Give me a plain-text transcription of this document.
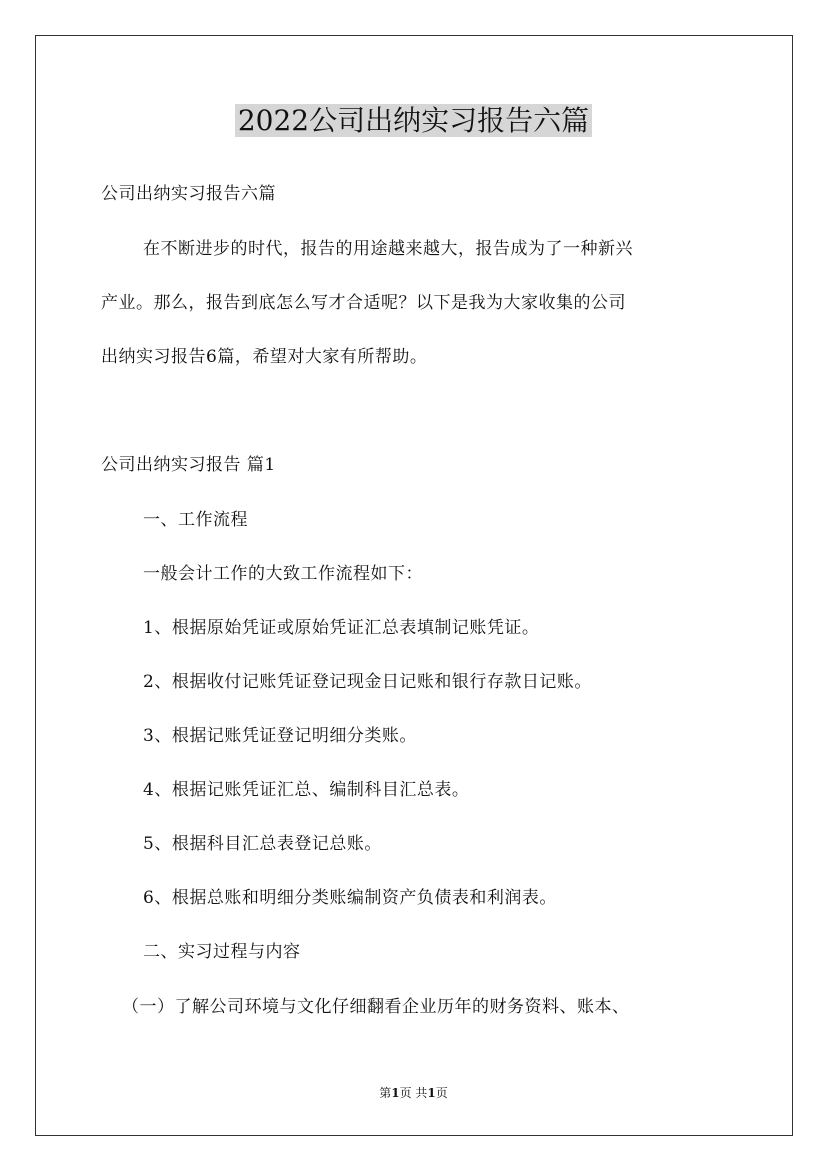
2022公司出纳实习报告六篇

公司出纳实习报告六篇

在不断进步的时代，报告的用途越来越大，报告成为了一种新兴

产业。那么，报告到底怎么写才合适呢？以下是我为大家收集的公司

出纳实习报告6篇，希望对大家有所帮助。

公司出纳实习报告 篇1

一、工作流程

一般会计工作的大致工作流程如下：

1、根据原始凭证或原始凭证汇总表填制记账凭证。

2、根据收付记账凭证登记现金日记账和银行存款日记账。

3、根据记账凭证登记明细分类账。

4、根据记账凭证汇总、编制科目汇总表。

5、根据科目汇总表登记总账。

6、根据总账和明细分类账编制资产负债表和利润表。

二、实习过程与内容

（一）了解公司环境与文化仔细翻看企业历年的财务资料、账本、

第1页 共1页
